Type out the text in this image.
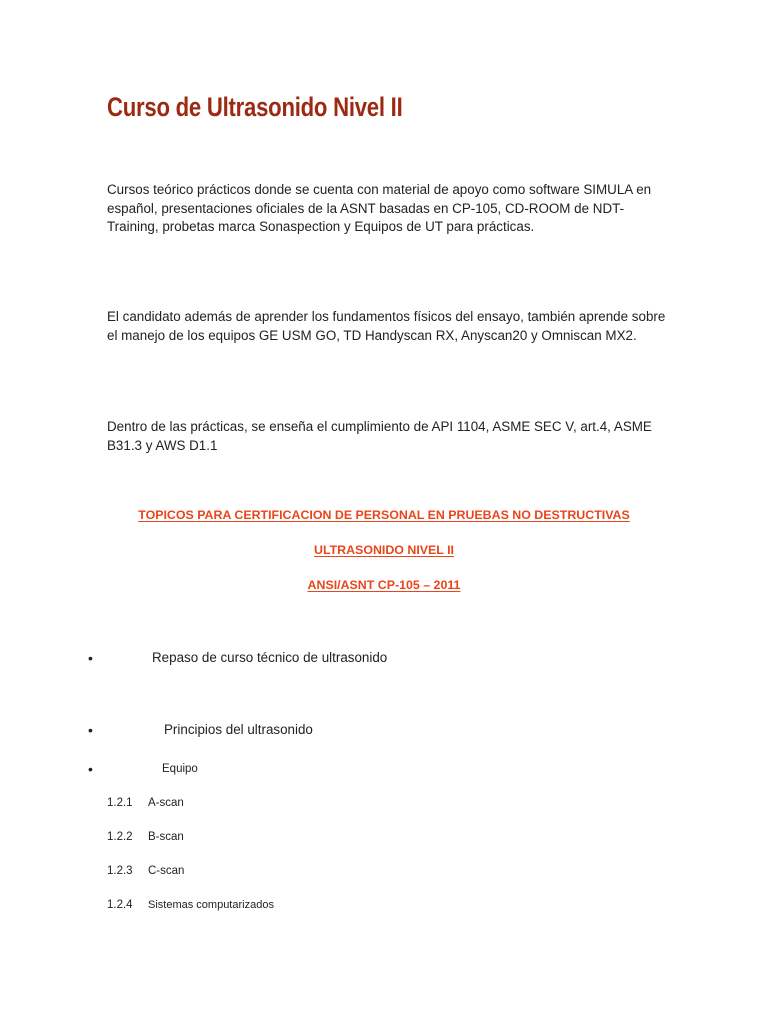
Curso de Ultrasonido Nivel II

Cursos teórico prácticos donde se cuenta con material de apoyo como software SIMULA en español, presentaciones oficiales de la ASNT basadas en CP-105, CD-ROOM de NDT-Training, probetas marca Sonaspection y Equipos de UT para prácticas.

El candidato además de aprender los fundamentos físicos del ensayo, también aprende sobre el manejo de los equipos GE USM GO, TD Handyscan RX, Anyscan20 y Omniscan MX2.

Dentro de las prácticas, se enseña el cumplimiento de API 1104, ASME SEC V, art.4, ASME B31.3 y AWS D1.1

TOPICOS PARA CERTIFICACION DE PERSONAL EN PRUEBAS NO DESTRUCTIVAS

ULTRASONIDO NIVEL II

ANSI/ASNT CP-105 – 2011

•	Repaso de curso técnico de ultrasonido
•	Principios del ultrasonido
•	Equipo
1.2.1 A-scan
1.2.2 B-scan
1.2.3 C-scan
1.2.4 Sistemas computarizados
